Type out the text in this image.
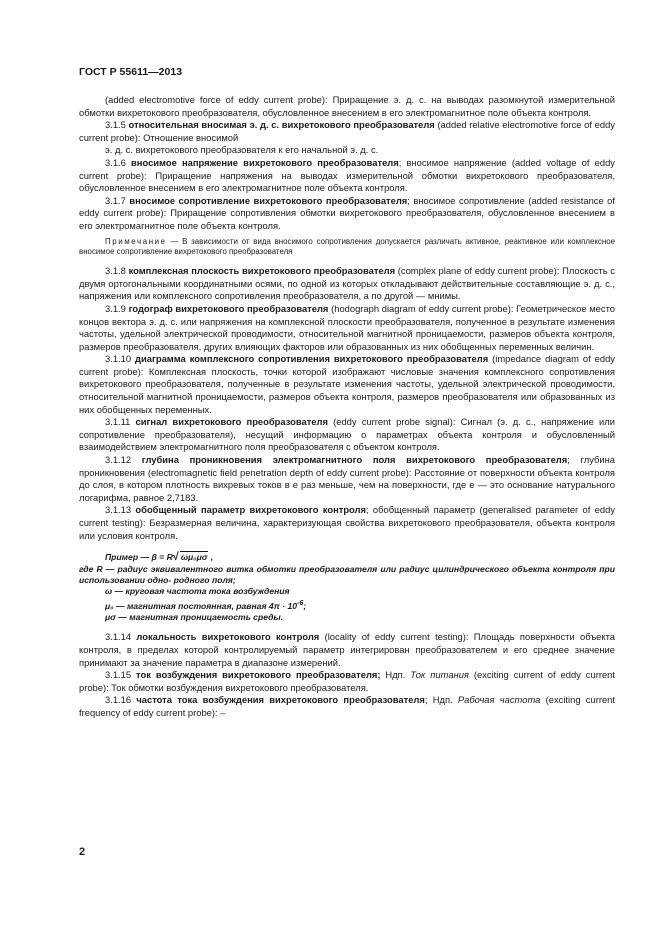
ГОСТ Р 55611—2013

(added electromotive force of eddy current probe): Приращение э. д. с. на выводах разомкнутой измерительной обмотки вихретокового преобразователя, обусловленное внесением в его электромагнитное поле объекта контроля.

3.1.5 относительная вносимая э. д. с. вихретокового преобразователя (added relative electromotive force of eddy current probe): Отношение вносимой

э. д. с. вихретокового преобразователя к его начальной э. д. с.

3.1.6 вносимое напряжение вихретокового преобразователя; вносимое напряжение (added voltage of eddy current probe): Приращение напряжения на выводах измерительной обмотки вихретокового преобразователя, обусловленное внесением в его электромагнитное поле объекта контроля.

3.1.7 вносимое сопротивление вихретокового преобразователя; вносимое сопротивление (added resistance of eddy current probe): Приращение сопротивления обмотки вихретокового преобразователя, обусловленное внесением в его электромагнитное поле объекта контроля.

Примечание — В зависимости от вида вносимого сопротивления допускается различать активное, реактивное или комплексное вносимое сопротивление вихретокового преобразователя

3.1.8 комплексная плоскость вихретокового преобразователя (complex plane of eddy current probe): Плоскость с двумя ортогональными координатными осями, по одной из которых откладывают действительные составляющие э. д. с., напряжения или комплексного сопротивления преобразователя, а по другой — мнимы.

3.1.9 годограф вихретокового преобразователя (hodograph diagram of eddy current probe): Геометрическое место концов вектора э. д. с. или напряжения на комплексной плоскости преобразователя, полученное в результате изменения частоты, удельной электрической проводимости, относительной магнитной проницаемости, размеров объекта контроля, размеров преобразователя, других влияющих факторов или образованных из них обобщенных переменных величин.

3.1.10 диаграмма комплексного сопротивления вихретокового преобразователя (impedance diagram of eddy current probe): Комплексная плоскость, точки которой изображают числовые значения комплексного сопротивления вихретокового преобразователя, полученные в результате изменения частоты, удельной электрической проводимости, относительной магнитной проницаемости, размеров объекта контроля, размеров преобразователя или образованных из них обобщенных переменных.

3.1.11 сигнал вихретокового преобразователя (eddy current probe signal): Сигнал (э. д. с., напряжение или сопротивление преобразователя), несущий информацию о параметрах объекта контроля и обусловленный взаимодействием электромагнитного поля преобразователя с объектом контроля.

3.1.12 глубина проникновения электромагнитного поля вихретокового преобразователя; глубина проникновения (electromagnetic field penetration depth of eddy current probe): Расстояние от поверхности объекта контроля до слоя, в котором плотность вихревых токов в e раз меньше, чем на поверхности, где e — это основание натурального логарифма, равное 2,7183.

3.1.13 обобщенный параметр вихретокового контроля; обобщенный параметр (generalised parameter of eddy current testing): Безразмерная величина, характеризующая свойства вихретокового преобразователя, объекта контроля или условия контроля.

Пример — β = R√ ωμ₀μσ ,
где R — радиус эквивалентного витка обмотки преобразователя или радиус цилиндрического объекта контроля при использовании одно- родного поля;
ω — круговая частота тока возбуждения
μ₀ — магнитная постоянная, равная $4\pi \cdot 10^{-6}$;
μσ — магнитная проницаемость среды.

3.1.14 локальность вихретокового контроля (locality of eddy current testing): Площадь поверхности объекта контроля, в пределах которой контролируемый параметр интегрирован преобразователем и его среднее значение принимают за значение параметра в диапазоне измерений.

3.1.15 ток возбуждения вихретокового преобразователя; Ндп. Ток питания (exciting current of eddy current probe): Ток обмотки возбуждения вихретокового преобразователя.

3.1.16 частота тока возбуждения вихретокового преобразователя; Ндп. Рабочая частота (exciting current frequency of eddy current probe): –

2
